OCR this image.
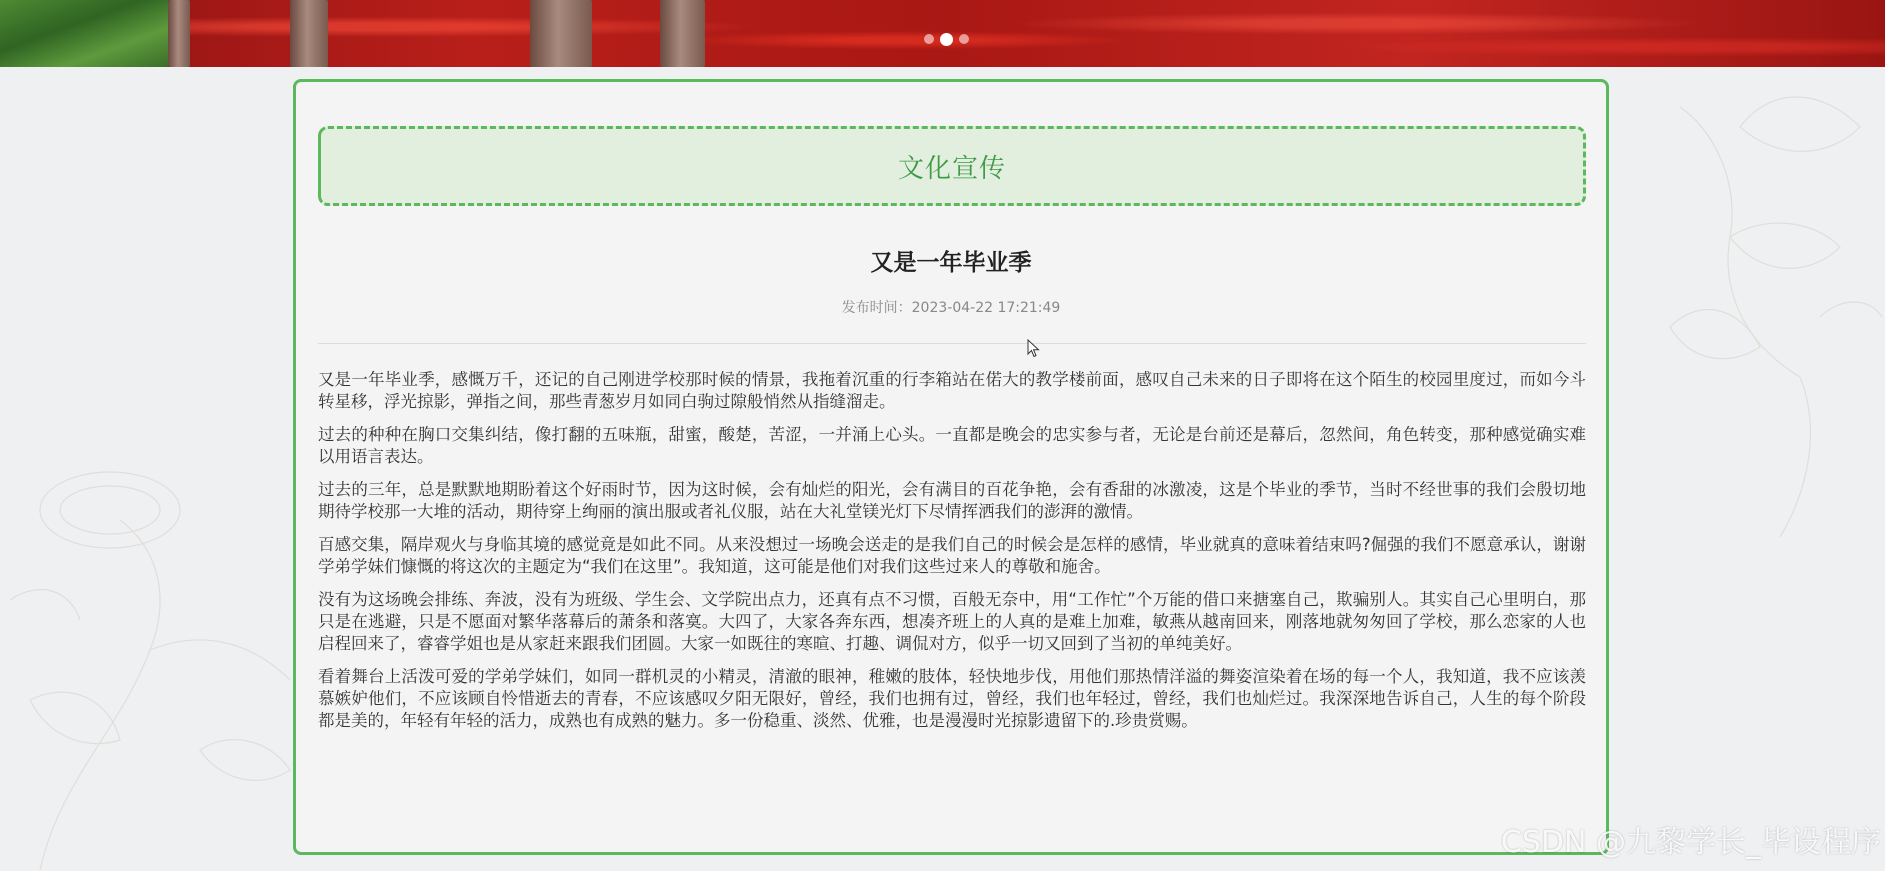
文化宣传
又是一年毕业季
发布时间：2023-04-22 17:21:49

又是一年毕业季，感慨万千，还记的自己刚进学校那时候的情景，我拖着沉重的行李箱站在偌大的教学楼前面，感叹自己未来的日子即将在这个陌生的校园里度过，而如今斗转星移，浮光掠影，弹指之间，那些青葱岁月如同白驹过隙般悄然从指缝溜走。

过去的种种在胸口交集纠结，像打翻的五味瓶，甜蜜，酸楚，苦涩，一并涌上心头。一直都是晚会的忠实参与者，无论是台前还是幕后，忽然间，角色转变，那种感觉确实难以用语言表达。

过去的三年，总是默默地期盼着这个好雨时节，因为这时候，会有灿烂的阳光，会有满目的百花争艳，会有香甜的冰激凌，这是个毕业的季节，当时不经世事的我们会殷切地期待学校那一大堆的活动，期待穿上绚丽的演出服或者礼仪服，站在大礼堂镁光灯下尽情挥洒我们的澎湃的激情。

百感交集，隔岸观火与身临其境的感觉竟是如此不同。从来没想过一场晚会送走的是我们自己的时候会是怎样的感情，毕业就真的意味着结束吗?倔强的我们不愿意承认，谢谢学弟学妹们慷慨的将这次的主题定为“我们在这里”。我知道，这可能是他们对我们这些过来人的尊敬和施舍。

没有为这场晚会排练、奔波，没有为班级、学生会、文学院出点力，还真有点不习惯，百般无奈中，用“工作忙”个万能的借口来搪塞自己，欺骗别人。其实自己心里明白，那只是在逃避，只是不愿面对繁华落幕后的萧条和落寞。大四了，大家各奔东西，想凑齐班上的人真的是难上加难，敏燕从越南回来，刚落地就匆匆回了学校，那么恋家的人也启程回来了，睿睿学姐也是从家赶来跟我们团圆。大家一如既往的寒暄、打趣、调侃对方，似乎一切又回到了当初的单纯美好。

看着舞台上活泼可爱的学弟学妹们，如同一群机灵的小精灵，清澈的眼神，稚嫩的肢体，轻快地步伐，用他们那热情洋溢的舞姿渲染着在场的每一个人，我知道，我不应该羡慕嫉妒他们，不应该顾自怜惜逝去的青春，不应该感叹夕阳无限好，曾经，我们也拥有过，曾经，我们也年轻过，曾经，我们也灿烂过。我深深地告诉自己，人生的每个阶段都是美的，年轻有年轻的活力，成熟也有成熟的魅力。多一份稳重、淡然、优雅，也是漫漫时光掠影遗留下的.珍贵赏赐。

CSDN @九黎学长_毕设程序
